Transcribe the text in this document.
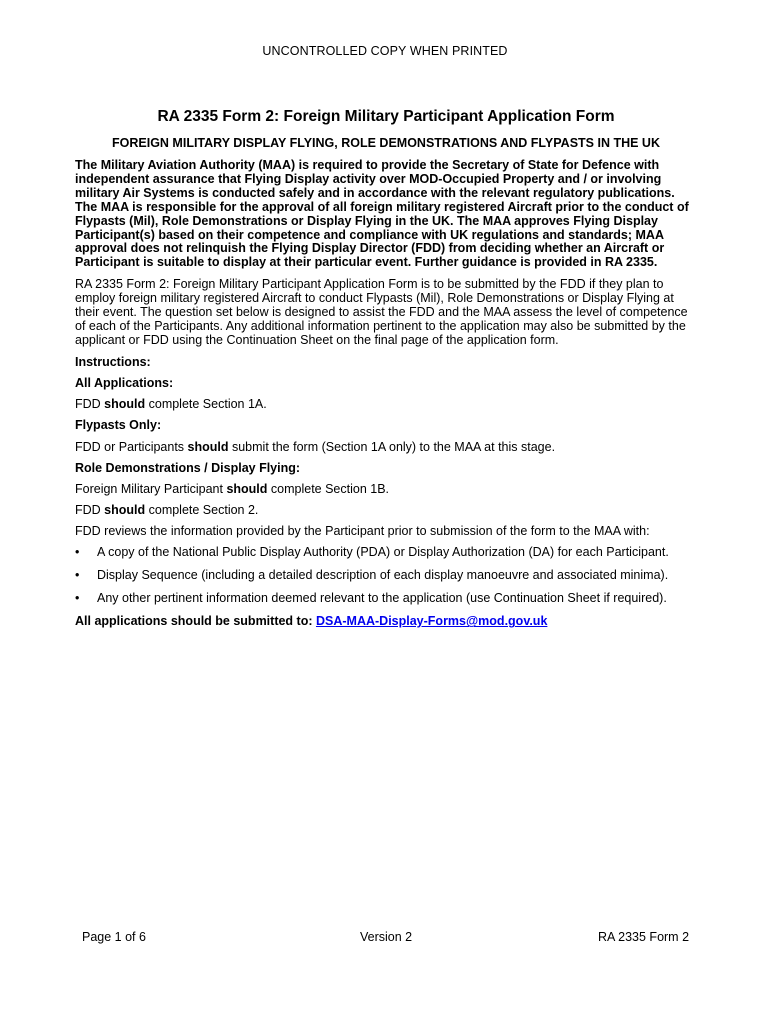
UNCONTROLLED COPY WHEN PRINTED
RA 2335 Form 2: Foreign Military Participant Application Form
FOREIGN MILITARY DISPLAY FLYING, ROLE DEMONSTRATIONS AND FLYPASTS IN THE UK

The Military Aviation Authority (MAA) is required to provide the Secretary of State for Defence with independent assurance that Flying Display activity over MOD-Occupied Property and / or involving military Air Systems is conducted safely and in accordance with the relevant regulatory publications. The MAA is responsible for the approval of all foreign military registered Aircraft prior to the conduct of Flypasts (Mil), Role Demonstrations or Display Flying in the UK. The MAA approves Flying Display Participant(s) based on their competence and compliance with UK regulations and standards; MAA approval does not relinquish the Flying Display Director (FDD) from deciding whether an Aircraft or Participant is suitable to display at their particular event. Further guidance is provided in RA 2335.

RA 2335 Form 2: Foreign Military Participant Application Form is to be submitted by the FDD if they plan to employ foreign military registered Aircraft to conduct Flypasts (Mil), Role Demonstrations or Display Flying at their event. The question set below is designed to assist the FDD and the MAA assess the level of competence of each of the Participants. Any additional information pertinent to the application may also be submitted by the applicant or FDD using the Continuation Sheet on the final page of the application form.

Instructions:
All Applications:
FDD should complete Section 1A.
Flypasts Only:
FDD or Participants should submit the form (Section 1A only) to the MAA at this stage.
Role Demonstrations / Display Flying:
Foreign Military Participant should complete Section 1B.
FDD should complete Section 2.
FDD reviews the information provided by the Participant prior to submission of the form to the MAA with:
• A copy of the National Public Display Authority (PDA) or Display Authorization (DA) for each Participant.
• Display Sequence (including a detailed description of each display manoeuvre and associated minima).
• Any other pertinent information deemed relevant to the application (use Continuation Sheet if required).
All applications should be submitted to: DSA-MAA-Display-Forms@mod.gov.uk
Page 1 of 6	Version 2	RA 2335 Form 2
